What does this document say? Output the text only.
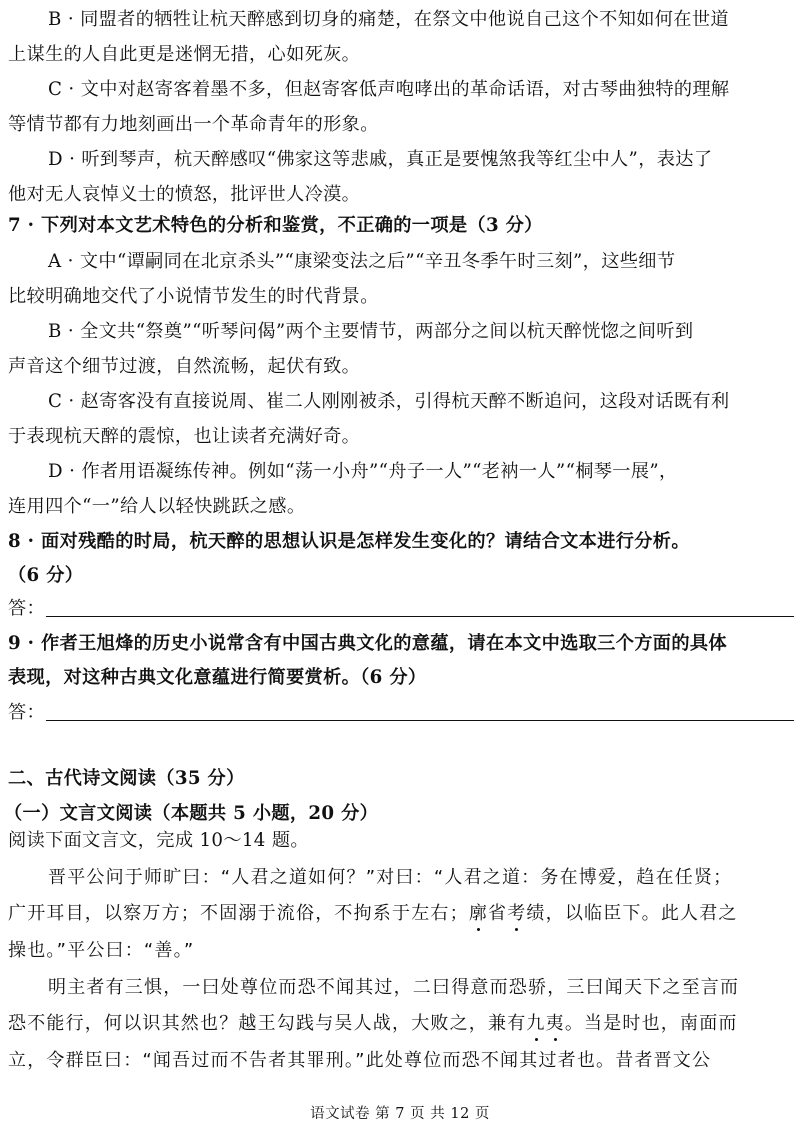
B · 同盟者的牺牲让杭天醉感到切身的痛楚，在祭文中他说自己这个不知如何在世道
上谋生的人自此更是迷惘无措，心如死灰。
C · 文中对赵寄客着墨不多，但赵寄客低声咆哮出的革命话语，对古琴曲独特的理解
等情节都有力地刻画出一个革命青年的形象。
D · 听到琴声，杭天醉感叹“佛家这等悲戚，真正是要愧煞我等红尘中人”，表达了
他对无人哀悼义士的愤怒，批评世人冷漠。
7 · 下列对本文艺术特色的分析和鉴赏，不正确的一项是（3 分）
A · 文中“谭嗣同在北京杀头”“康梁变法之后”“辛丑冬季午时三刻”，这些细节
比较明确地交代了小说情节发生的时代背景。
B · 全文共“祭奠”“听琴问偈”两个主要情节，两部分之间以杭天醉恍惚之间听到
声音这个细节过渡，自然流畅，起伏有致。
C · 赵寄客没有直接说周、崔二人刚刚被杀，引得杭天醉不断追问，这段对话既有利
于表现杭天醉的震惊，也让读者充满好奇。
D · 作者用语凝练传神。例如“荡一小舟”“舟子一人”“老衲一人”“桐琴一展”，
连用四个“一”给人以轻快跳跃之感。
8 · 面对残酷的时局，杭天醉的思想认识是怎样发生变化的？请结合文本进行分析。
（6 分）
答：
9 · 作者王旭烽的历史小说常含有中国古典文化的意蕴，请在本文中选取三个方面的具体
表现，对这种古典文化意蕴进行简要赏析。（6 分）
答：
二、古代诗文阅读（35 分）
（一）文言文阅读（本题共 5 小题，20 分）
阅读下面文言文，完成 10～14 题。
晋平公问于师旷曰：“人君之道如何？”对曰：“人君之道：务在博爱，趋在任贤；
广开耳目，以察万方；不固溺于流俗，不拘系于左右；廓省考绩，以临臣下。此人君之
操也。”平公曰：“善。”
明主者有三惧，一曰处尊位而恐不闻其过，二曰得意而恐骄，三曰闻天下之至言而
恐不能行，何以识其然也？越王勾践与吴人战，大败之，兼有九夷。当是时也，南面而
立，令群臣曰：“闻吾过而不告者其罪刑。”此处尊位而恐不闻其过者也。昔者晋文公
语文试卷 第 7 页 共 12 页
